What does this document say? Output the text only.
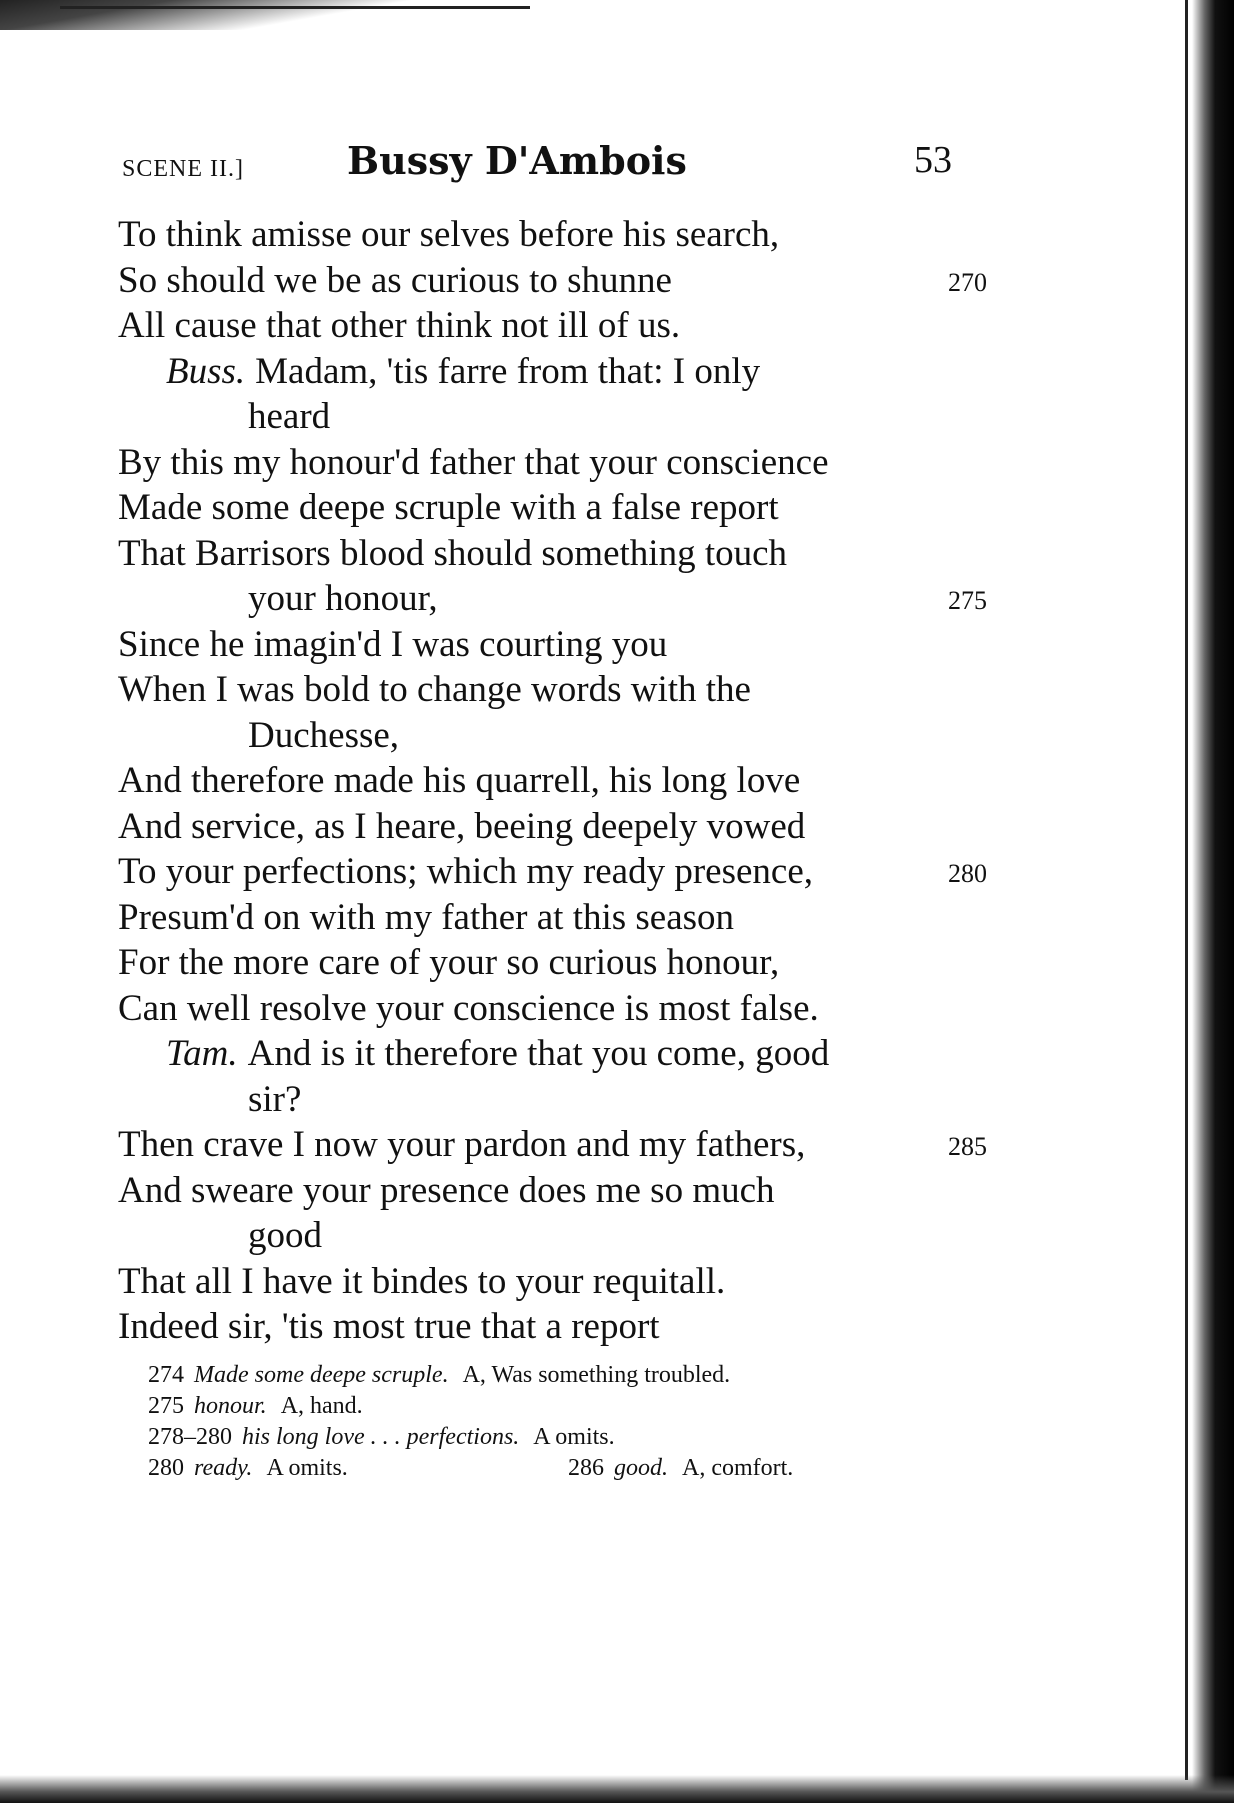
SCENE II.]	Bussy D'Ambois	53
To think amisse our selves before his search,
So should we be as curious to shunne	270
All cause that other think not ill of us.
Buss. Madam, 'tis farre from that: I only
heard
By this my honour'd father that your conscience
Made some deepe scruple with a false report
That Barrisors blood should something touch
your honour,	275
Since he imagin'd I was courting you
When I was bold to change words with the
Duchesse,
And therefore made his quarrell, his long love
And service, as I heare, beeing deepely vowed
To your perfections; which my ready presence,	280
Presum'd on with my father at this season
For the more care of your so curious honour,
Can well resolve your conscience is most false.
Tam. And is it therefore that you come, good
sir?
Then crave I now your pardon and my fathers,	285
And sweare your presence does me so much
good
That all I have it bindes to your requitall.
Indeed sir, 'tis most true that a report
274 Made some deepe scruple. A, Was something troubled.
275 honour. A, hand.
278–280 his long love . . . perfections. A omits.
280 ready. A omits.	286 good. A, comfort.
